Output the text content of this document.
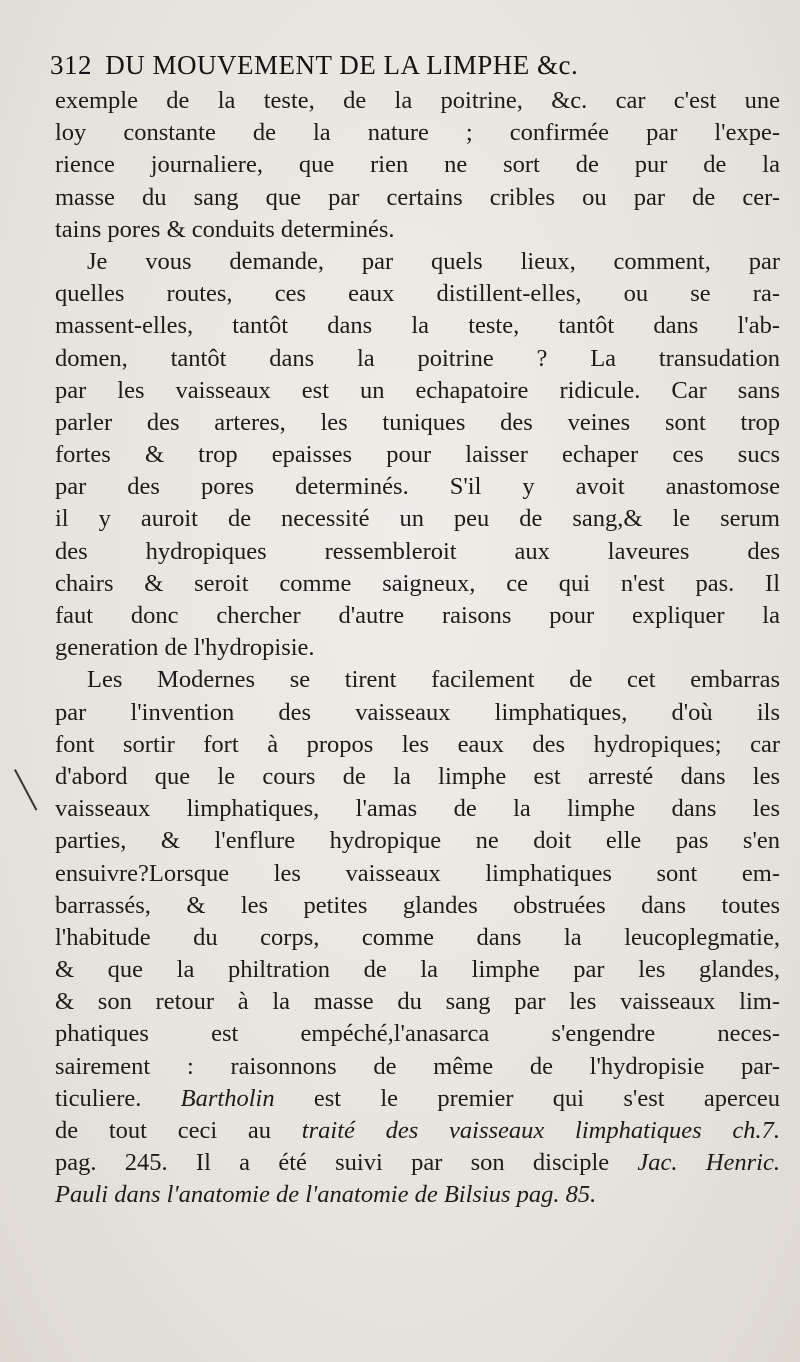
312 DU MOUVEMENT DE LA LIMPHE &c.
exemple de la teste, de la poitrine, &c. car c'est une
loy constante de la nature ; confirmée par l'expe-
rience journaliere, que rien ne sort de pur de la
masse du sang que par certains cribles ou par de cer-
tains pores & conduits determinés.
Je vous demande, par quels lieux, comment, par
quelles routes, ces eaux distillent-elles, ou se ra-
massent-elles, tantôt dans la teste, tantôt dans l'ab-
domen, tantôt dans la poitrine ? La transudation
par les vaisseaux est un echapatoire ridicule. Car sans
parler des arteres, les tuniques des veines sont trop
fortes & trop epaisses pour laisser echaper ces sucs
par des pores determinés. S'il y avoit anastomose
il y auroit de necessité un peu de sang,& le serum
des hydropiques ressembleroit aux laveures des
chairs & seroit comme saigneux, ce qui n'est pas. Il
faut donc chercher d'autre raisons pour expliquer la
generation de l'hydropisie.
Les Modernes se tirent facilement de cet embarras
par l'invention des vaisseaux limphatiques, d'où ils
font sortir fort à propos les eaux des hydropiques; car
d'abord que le cours de la limphe est arresté dans les
vaisseaux limphatiques, l'amas de la limphe dans les
parties, & l'enflure hydropique ne doit elle pas s'en
ensuivre?Lorsque les vaisseaux limphatiques sont em-
barrassés, & les petites glandes obstruées dans toutes
l'habitude du corps, comme dans la leucoplegmatie,
& que la philtration de la limphe par les glandes,
& son retour à la masse du sang par les vaisseaux lim-
phatiques est empéché,l'anasarca s'engendre neces-
sairement : raisonnons de même de l'hydropisie par-
ticuliere. Bartholin est le premier qui s'est aperceu
de tout ceci au traité des vaisseaux limphatiques ch.7.
pag. 245. Il a été suivi par son disciple Jac. Henric.
Pauli dans l'anatomie de l'anatomie de Bilsius pag. 85.
